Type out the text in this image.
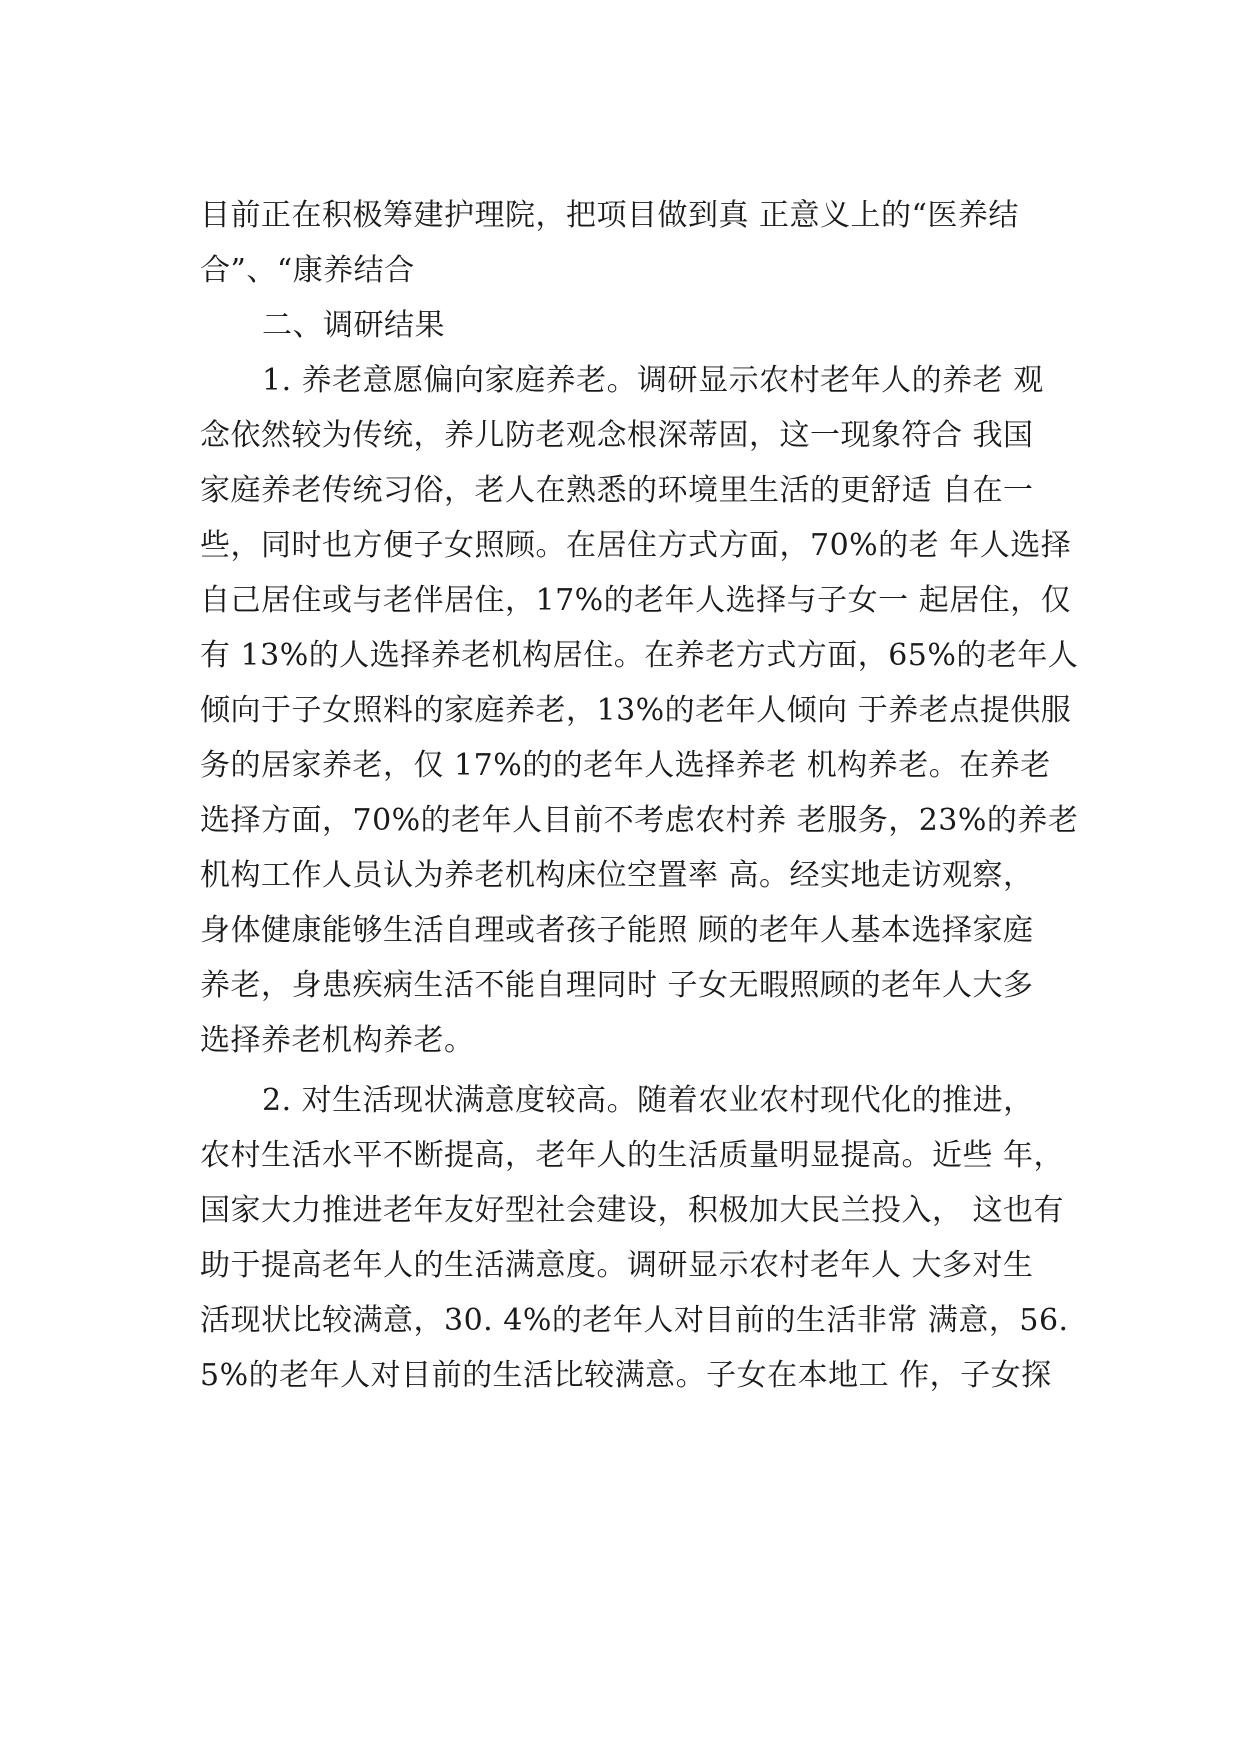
目前正在积极筹建护理院，把项目做到真 正意义上的“医养结
合”、“康养结合
二、调研结果
1. 养老意愿偏向家庭养老。调研显示农村老年人的养老 观
念依然较为传统，养儿防老观念根深蒂固，这一现象符合 我国
家庭养老传统习俗，老人在熟悉的环境里生活的更舒适 自在一
些，同时也方便子女照顾。在居住方式方面，70%的老 年人选择
自己居住或与老伴居住，17%的老年人选择与子女一 起居住，仅
有 13%的人选择养老机构居住。在养老方式方面，65%的老年人
倾向于子女照料的家庭养老，13%的老年人倾向 于养老点提供服
务的居家养老，仅 17%的的老年人选择养老 机构养老。在养老
选择方面，70%的老年人目前不考虑农村养 老服务，23%的养老
机构工作人员认为养老机构床位空置率 高。经实地走访观察，
身体健康能够生活自理或者孩子能照 顾的老年人基本选择家庭
养老，身患疾病生活不能自理同时 子女无暇照顾的老年人大多
选择养老机构养老。
2. 对生活现状满意度较高。随着农业农村现代化的推进，
农村生活水平不断提高，老年人的生活质量明显提高。近些 年，
国家大力推进老年友好型社会建设，积极加大民兰投入， 这也有
助于提高老年人的生活满意度。调研显示农村老年人 大多对生
活现状比较满意，30. 4%的老年人对目前的生活非常 满意，56.
5%的老年人对目前的生活比较满意。子女在本地工 作，子女探
